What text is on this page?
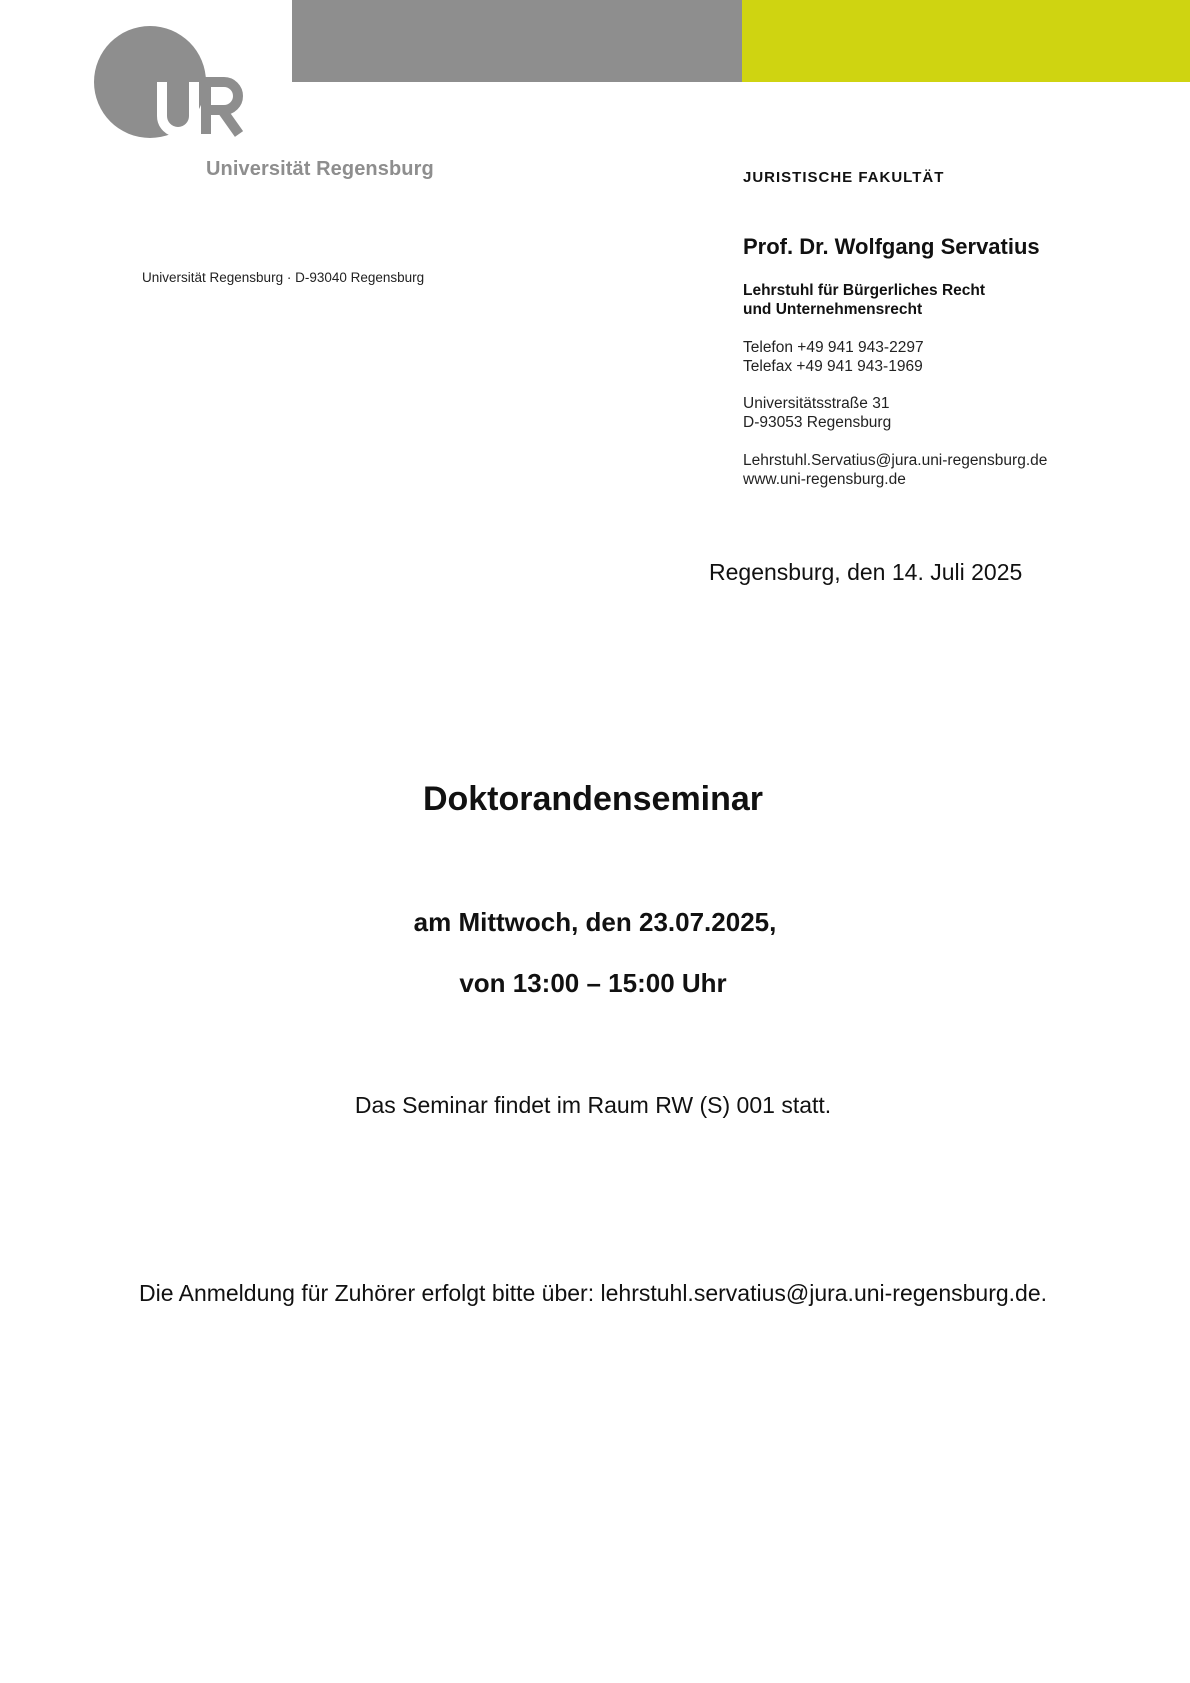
Universität Regensburg
Universität Regensburg · D-93040 Regensburg
JURISTISCHE FAKULTÄT
Prof. Dr. Wolfgang Servatius
Lehrstuhl für Bürgerliches Recht
und Unternehmensrecht
Telefon +49 941 943-2297
Telefax +49 941 943-1969
Universitätsstraße 31
D-93053 Regensburg
Lehrstuhl.Servatius@jura.uni-regensburg.de
www.uni-regensburg.de
Regensburg, den 14. Juli 2025
Doktorandenseminar
am Mittwoch, den 23.07.2025,
von 13:00 – 15:00 Uhr
Das Seminar findet im Raum RW (S) 001 statt.
Die Anmeldung für Zuhörer erfolgt bitte über: lehrstuhl.servatius@jura.uni-regensburg.de.
